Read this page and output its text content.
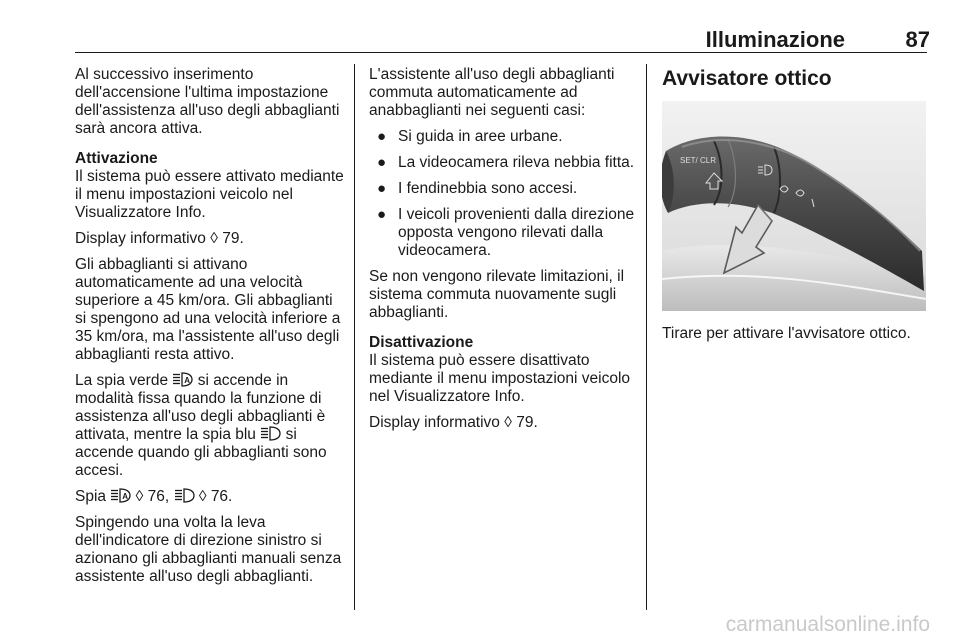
Illuminazione	87

Al successivo inserimento dell'accensione l'ultima impostazione dell'assistenza all'uso degli abbaglianti sarà ancora attiva.

Attivazione
Il sistema può essere attivato mediante il menu impostazioni veicolo nel Visualizzatore Info.

Display informativo ◊ 79.

Gli abbaglianti si attivano automaticamente ad una velocità superiore a 45 km/ora. Gli abbaglianti si spengono ad una velocità inferiore a 35 km/ora, ma l'assistente all'uso degli abbaglianti resta attivo.

La spia verde A si accende in modalità fissa quando la funzione di assistenza all'uso degli abbaglianti è attivata, mentre la spia blu si accende quando gli abbaglianti sono accesi.

Spia A ◊ 76, ◊ 76.

Spingendo una volta la leva dell'indicatore di direzione sinistro si azionano gli abbaglianti manuali senza assistente all'uso degli abbaglianti.

L'assistente all'uso degli abbaglianti commuta automaticamente ad anabbaglianti nei seguenti casi:

● Si guida in aree urbane.
● La videocamera rileva nebbia fitta.
● I fendinebbia sono accesi.
● I veicoli provenienti dalla direzione opposta vengono rilevati dalla videocamera.

Se non vengono rilevate limitazioni, il sistema commuta nuovamente sugli abbaglianti.

Disattivazione
Il sistema può essere disattivato mediante il menu impostazioni veicolo nel Visualizzatore Info.

Display informativo ◊ 79.

Avvisatore ottico
SET/ CLR

Tirare per attivare l'avvisatore ottico.

carmanualsonline.info
